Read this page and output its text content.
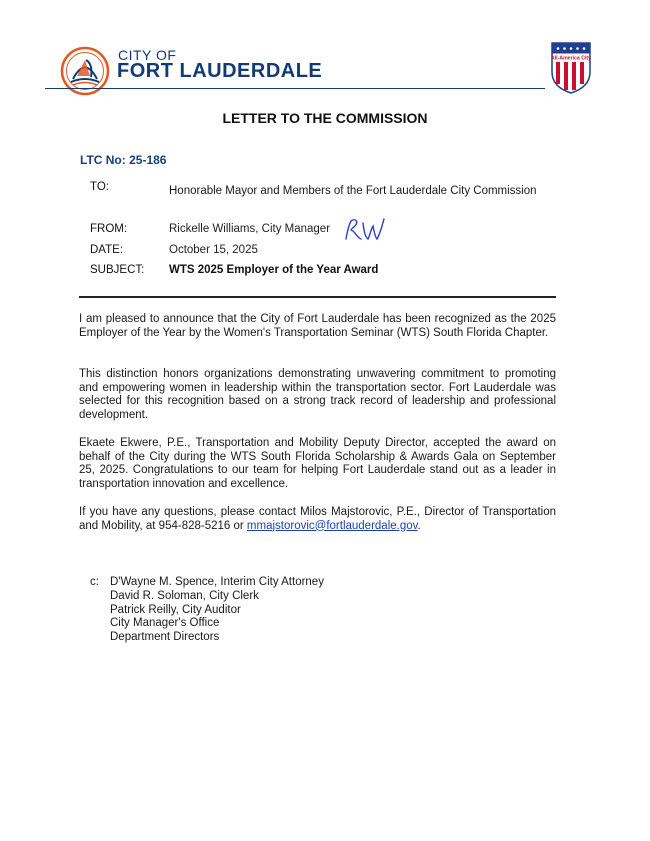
CITY OF
FORT LAUDERDALE
All-America City
LETTER TO THE COMMISSION
LTC No: 25-186
TO:	Honorable Mayor and Members of the Fort Lauderdale City Commission
FROM:	Rickelle Williams, City Manager
RW
DATE:	October 15, 2025
SUBJECT: WTS 2025 Employer of the Year Award
I am pleased to announce that the City of Fort Lauderdale has been recognized as the 2025 Employer of the Year by the Women's Transportation Seminar (WTS) South Florida Chapter.
This distinction honors organizations demonstrating unwavering commitment to promoting and empowering women in leadership within the transportation sector. Fort Lauderdale was selected for this recognition based on a strong track record of leadership and professional development.
Ekaete Ekwere, P.E., Transportation and Mobility Deputy Director, accepted the award on behalf of the City during the WTS South Florida Scholarship & Awards Gala on September 25, 2025. Congratulations to our team for helping Fort Lauderdale stand out as a leader in transportation innovation and excellence.
If you have any questions, please contact Milos Majstorovic, P.E., Director of Transportation and Mobility, at 954-828-5216 or mmajstorovic@fortlauderdale.gov.
c: D'Wayne M. Spence, Interim City Attorney
David R. Soloman, City Clerk
Patrick Reilly, City Auditor
City Manager's Office
Department Directors
